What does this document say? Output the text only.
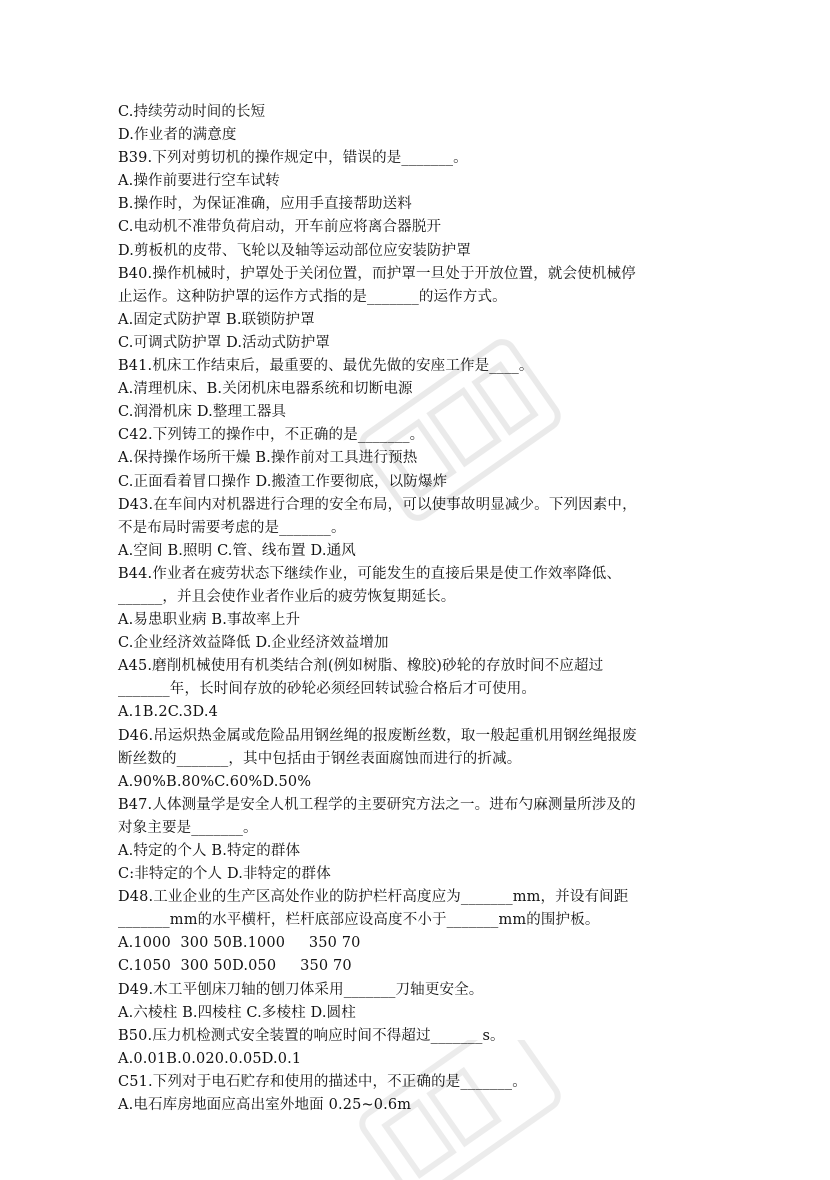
C.持续劳动时间的长短
D.作业者的满意度
B39.下列对剪切机的操作规定中，错误的是_______。
A.操作前要进行空车试转
B.操作时，为保证准确，应用手直接帮助送料
C.电动机不准带负荷启动，开车前应将离合器脱开
D.剪板机的皮带、飞轮以及轴等运动部位应安装防护罩
B40.操作机械时，护罩处于关闭位置，而护罩一旦处于开放位置，就会使机械停
止运作。这种防护罩的运作方式指的是_______的运作方式。
A.固定式防护罩 B.联锁防护罩
C.可调式防护罩 D.活动式防护罩
B41.机床工作结束后，最重要的、最优先做的安座工作是____。
A.清理机床、B.关闭机床电器系统和切断电源
C.润滑机床 D.整理工器具
C42.下列铸工的操作中，不正确的是_______。
A.保持操作场所干燥 B.操作前对工具进行预热
C.正面看着冒口操作 D.搬渣工作要彻底，以防爆炸
D43.在车间内对机器进行合理的安全布局，可以使事故明显减少。下列因素中，
不是布局时需要考虑的是_______。
A.空间 B.照明 C.管、线布置 D.通风
B44.作业者在疲劳状态下继续作业，可能发生的直接后果是使工作效率降低、
______，并且会使作业者作业后的疲劳恢复期延长。
A.易患职业病 B.事故率上升
C.企业经济效益降低 D.企业经济效益增加
A45.磨削机械使用有机类结合剂(例如树脂、橡胶)砂轮的存放时间不应超过
_______年，长时间存放的砂轮必须经回转试验合格后才可使用。
A.1B.2C.3D.4
D46.吊运炽热金属或危险品用钢丝绳的报废断丝数，取一般起重机用钢丝绳报废
断丝数的_______，其中包括由于钢丝表面腐蚀而进行的折减。
A.90%B.80%C.60%D.50%
B47.人体测量学是安全人机工程学的主要研究方法之一。进布勺麻测量所涉及的
对象主要是_______。
A.特定的个人 B.特定的群体
C:非特定的个人 D.非特定的群体
D48.工业企业的生产区高处作业的防护栏杆高度应为_______mm，并设有间距
_______mm的水平横杆，栏杆底部应设高度不小于_______mm的围护板。
A.1000  300 50B.1000     350 70
C.1050  300 50D.050     350 70
D49.木工平刨床刀轴的刨刀体采用_______刀轴更安全。
A.六棱柱 B.四棱柱 C.多棱柱 D.圆柱
B50.压力机检测式安全装置的响应时间不得超过_______s。
A.0.01B.0.020.0.05D.0.1
C51.下列对于电石贮存和使用的描述中，不正确的是_______。
A.电石库房地面应高出室外地面 0.25~0.6m
